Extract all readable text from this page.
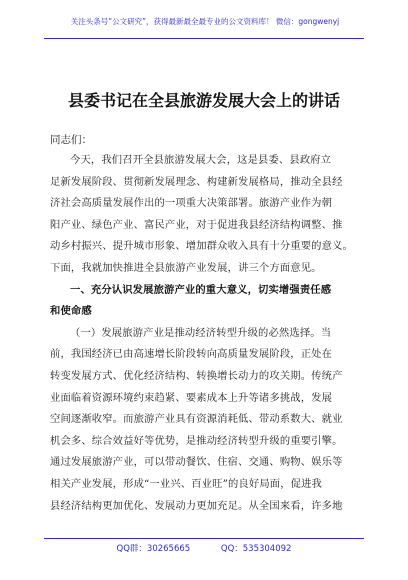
关注头条号“公文研究”，获得最新最全最专业的公文资料库！ 微信：gongwenyj
县委书记在全县旅游发展大会上的讲话
同志们：
今天，我们召开全县旅游发展大会，这是县委、县政府立
足新发展阶段、贯彻新发展理念、构建新发展格局，推动全县经
济社会高质量发展作出的一项重大决策部署。旅游产业作为朝
阳产业、绿色产业、富民产业，对于促进我县经济结构调整、推
动乡村振兴、提升城市形象、增加群众收入具有十分重要的意义。
下面，我就加快推进全县旅游产业发展，讲三个方面意见。
一、充分认识发展旅游产业的重大意义，切实增强责任感
和使命感
（一）发展旅游产业是推动经济转型升级的必然选择。当
前，我国经济已由高速增长阶段转向高质量发展阶段，正处在
转变发展方式、优化经济结构、转换增长动力的攻关期。传统产
业面临着资源环境约束趋紧、要素成本上升等诸多挑战，发展
空间逐渐收窄。而旅游产业具有资源消耗低、带动系数大、就业
机会多、综合效益好等优势，是推动经济转型升级的重要引擎。
通过发展旅游产业，可以带动餐饮、住宿、交通、购物、娱乐等
相关产业发展，形成“一业兴、百业旺”的良好局面，促进我
县经济结构更加优化、发展动力更加充足。从全国来看，许多地
QQ群：30265665	QQ：535304092
